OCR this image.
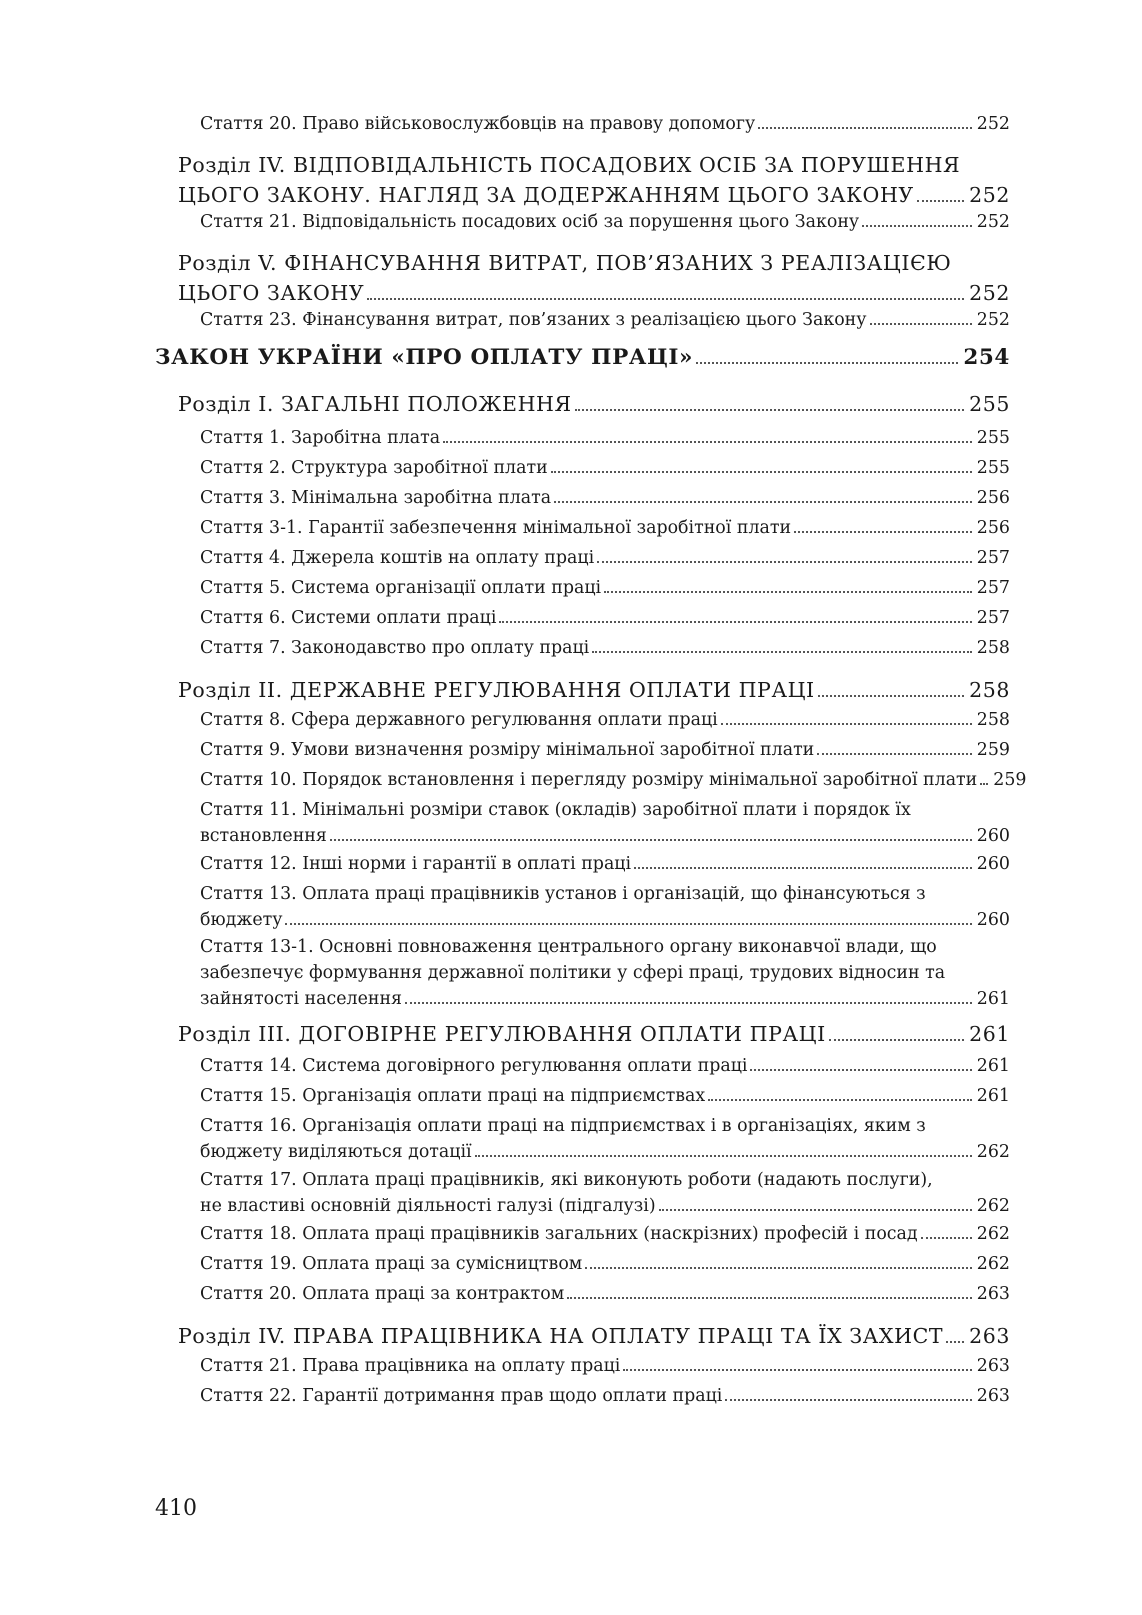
Стаття 20. Право військовослужбовців на правову допомогу	252
Розділ IV. ВІДПОВІДАЛЬНІСТЬ ПОСАДОВИХ ОСІБ ЗА ПОРУШЕННЯ
ЦЬОГО ЗАКОНУ. НАГЛЯД ЗА ДОДЕРЖАННЯМ ЦЬОГО ЗАКОНУ	252
Стаття 21. Відповідальність посадових осіб за порушення цього Закону	252
Розділ V. ФІНАНСУВАННЯ ВИТРАТ, ПОВ’ЯЗАНИХ З РЕАЛІЗАЦІЄЮ
ЦЬОГО ЗАКОНУ	252
Стаття 23. Фінансування витрат, пов’язаних з реалізацією цього Закону	252
ЗАКОН УКРАЇНИ «ПРО ОПЛАТУ ПРАЦІ»	254
Розділ I. ЗАГАЛЬНІ ПОЛОЖЕННЯ	255
Стаття 1. Заробітна плата	255
Стаття 2. Структура заробітної плати	255
Стаття 3. Мінімальна заробітна плата	256
Стаття 3-1. Гарантії забезпечення мінімальної заробітної плати	256
Стаття 4. Джерела коштів на оплату праці	257
Стаття 5. Система організації оплати праці	257
Стаття 6. Системи оплати праці	257
Стаття 7. Законодавство про оплату праці	258
Розділ II. ДЕРЖАВНЕ РЕГУЛЮВАННЯ ОПЛАТИ ПРАЦІ	258
Стаття 8. Сфера державного регулювання оплати праці	258
Стаття 9. Умови визначення розміру мінімальної заробітної плати	259
Стаття 10. Порядок встановлення і перегляду розміру мінімальної заробітної плати 259
Стаття 11. Мінімальні розміри ставок (окладів) заробітної плати і порядок їх
встановлення	260
Стаття 12. Інші норми і гарантії в оплаті праці	260
Стаття 13. Оплата праці працівників установ і організацій, що фінансуються з
бюджету	260
Стаття 13-1. Основні повноваження центрального органу виконавчої влади, що
забезпечує формування державної політики у сфері праці, трудових відносин та
зайнятості населення	261
Розділ III. ДОГОВІРНЕ РЕГУЛЮВАННЯ ОПЛАТИ ПРАЦІ	261
Стаття 14. Система договірного регулювання оплати праці	261
Стаття 15. Організація оплати праці на підприємствах	261
Стаття 16. Організація оплати праці на підприємствах і в організаціях, яким з
бюджету виділяються дотації	262
Стаття 17. Оплата праці працівників, які виконують роботи (надають послуги),
не властиві основній діяльності галузі (підгалузі)	262
Стаття 18. Оплата праці працівників загальних (наскрізних) професій і посад	262
Стаття 19. Оплата праці за сумісництвом	262
Стаття 20. Оплата праці за контрактом	263
Розділ IV. ПРАВА ПРАЦІВНИКА НА ОПЛАТУ ПРАЦІ ТА ЇХ ЗАХИСТ 263
Стаття 21. Права працівника на оплату праці	263
Стаття 22. Гарантії дотримання прав щодо оплати праці	263
410
